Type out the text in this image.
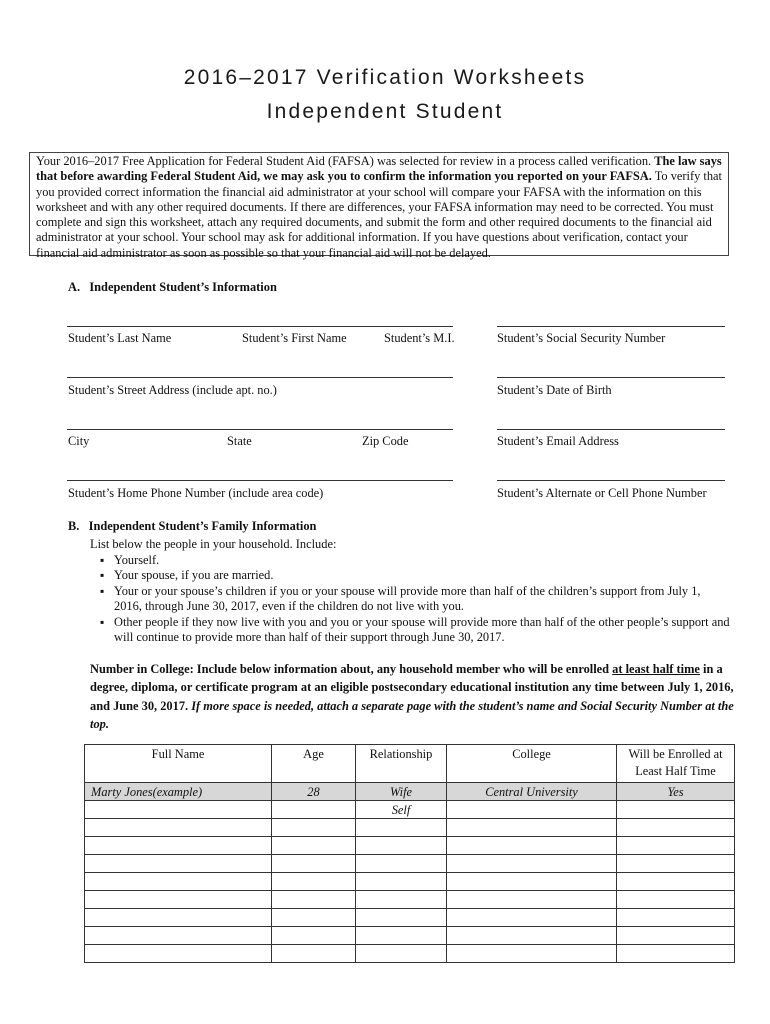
2016–2017 Verification Worksheets
Independent Student
Your 2016–2017 Free Application for Federal Student Aid (FAFSA) was selected for review in a process called verification. The law says that before awarding Federal Student Aid, we may ask you to confirm the information you reported on your FAFSA. To verify that you provided correct information the financial aid administrator at your school will compare your FAFSA with the information on this worksheet and with any other required documents. If there are differences, your FAFSA information may need to be corrected. You must complete and sign this worksheet, attach any required documents, and submit the form and other required documents to the financial aid administrator at your school. Your school may ask for additional information. If you have questions about verification, contact your financial aid administrator as soon as possible so that your financial aid will not be delayed.
A.   Independent Student’s Information
Student’s Last Name	Student’s First Name	Student’s M.I.	Student’s Social Security Number
Student’s Street Address (include apt. no.)	Student’s Date of Birth
City	State	Zip Code	Student’s Email Address
Student’s Home Phone Number (include area code)	Student’s Alternate or Cell Phone Number
B.   Independent Student’s Family Information
List below the people in your household. Include:
▪ Yourself.
▪ Your spouse, if you are married.
▪ Your or your spouse’s children if you or your spouse will provide more than half of the children’s support from July 1, 2016, through June 30, 2017, even if the children do not live with you.
▪ Other people if they now live with you and you or your spouse will provide more than half of the other people’s support and will continue to provide more than half of their support through June 30, 2017.
Number in College: Include below information about, any household member who will be enrolled at least half time in a degree, diploma, or certificate program at an eligible postsecondary educational institution any time between July 1, 2016, and June 30, 2017. If more space is needed, attach a separate page with the student’s name and Social Security Number at the top.
Full Name	Age	Relationship	College	Will be Enrolled at Least Half Time
Marty Jones(example)	28	Wife	Central University	Yes
		Self		
